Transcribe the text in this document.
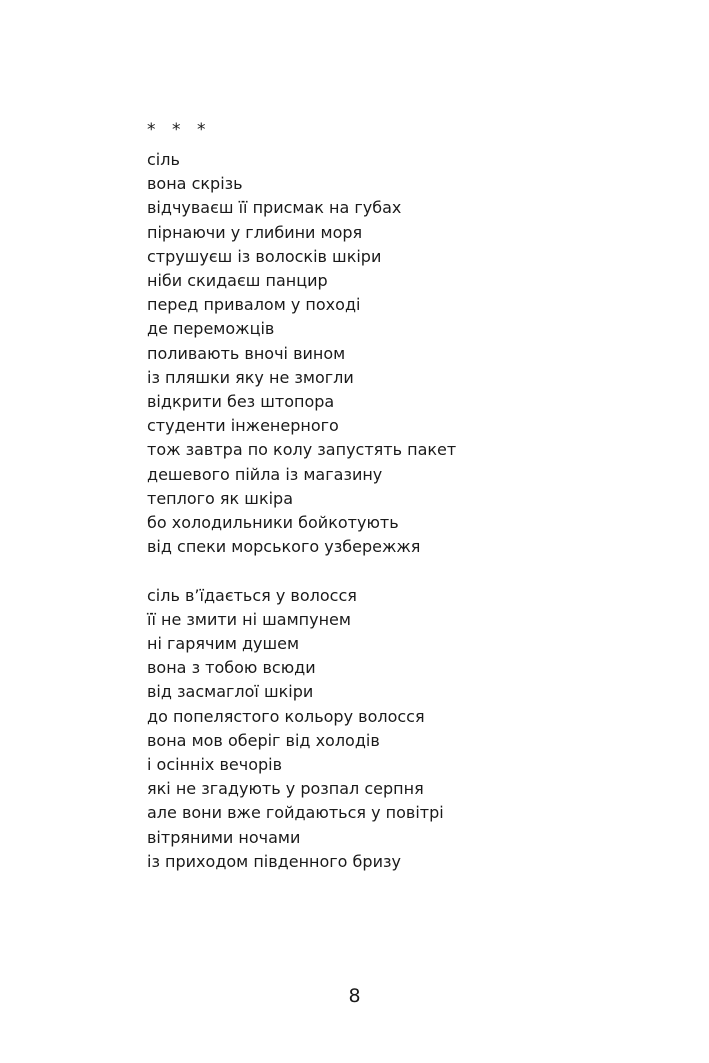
* * *
сіль
вона скрізь
відчуваєш її присмак на губах
пірнаючи у глибини моря
струшуєш із волосків шкіри
ніби скидаєш панцир
перед привалом у поході
де переможців
поливають вночі вином
із пляшки яку не змогли
відкрити без штопора
студенти інженерного
тож завтра по колу запустять пакет
дешевого пійла із магазину
теплого як шкіра
бо холодильники бойкотують
від спеки морського узбережжя
сіль в’їдається у волосся
її не змити ні шампунем
ні гарячим душем
вона з тобою всюди
від засмаглої шкіри
до попелястого кольору волосся
вона мов оберіг від холодів
і осінніх вечорів
які не згадують у розпал серпня
але вони вже гойдаються у повітрі
вітряними ночами
із приходом південного бризу
8
